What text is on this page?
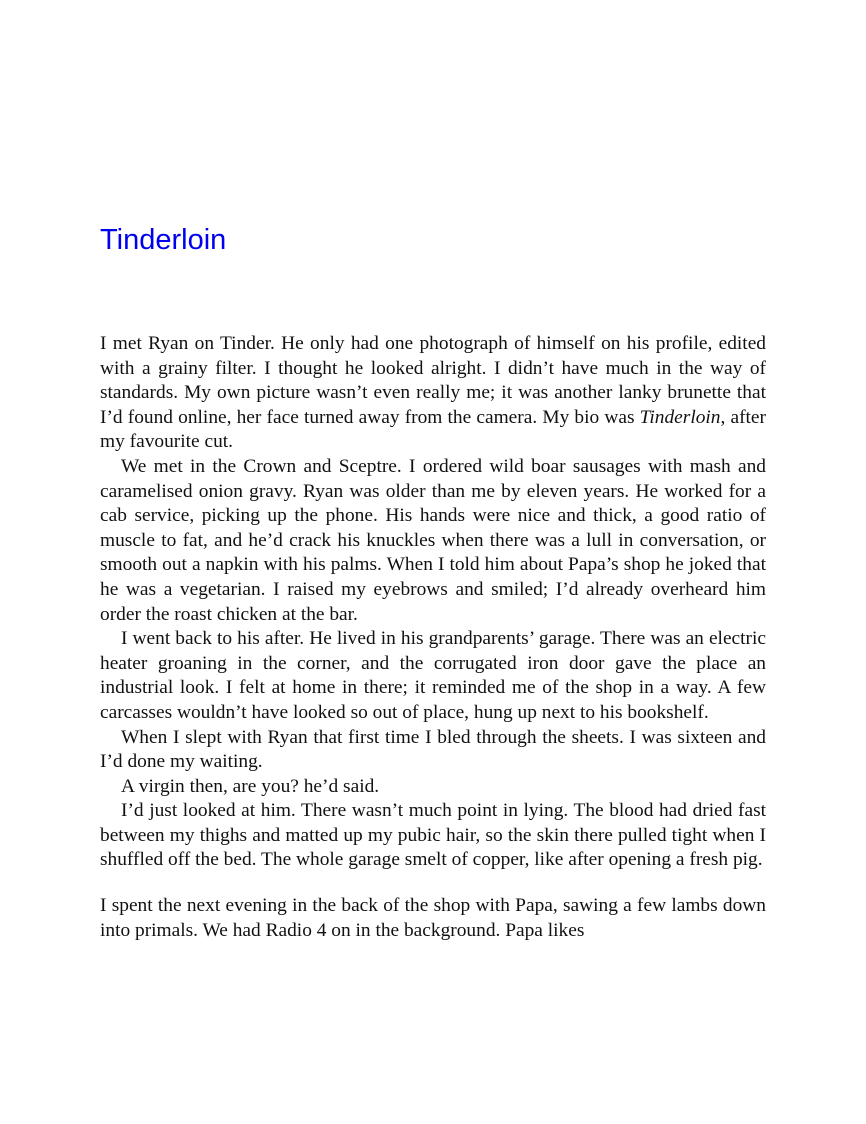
Tinderloin

I met Ryan on Tinder. He only had one photograph of himself on his profile, edited with a grainy filter. I thought he looked alright. I didn’t have much in the way of standards. My own picture wasn’t even really me; it was another lanky brunette that I’d found online, her face turned away from the camera. My bio was Tinderloin, after my favourite cut.

We met in the Crown and Sceptre. I ordered wild boar sausages with mash and caramelised onion gravy. Ryan was older than me by eleven years. He worked for a cab service, picking up the phone. His hands were nice and thick, a good ratio of muscle to fat, and he’d crack his knuckles when there was a lull in conversation, or smooth out a napkin with his palms. When I told him about Papa’s shop he joked that he was a vegetarian. I raised my eyebrows and smiled; I’d already overheard him order the roast chicken at the bar.

I went back to his after. He lived in his grandparents’ garage. There was an electric heater groaning in the corner, and the corrugated iron door gave the place an industrial look. I felt at home in there; it reminded me of the shop in a way. A few carcasses wouldn’t have looked so out of place, hung up next to his bookshelf.

When I slept with Ryan that first time I bled through the sheets. I was sixteen and I’d done my waiting.

A virgin then, are you? he’d said.

I’d just looked at him. There wasn’t much point in lying. The blood had dried fast between my thighs and matted up my pubic hair, so the skin there pulled tight when I shuffled off the bed. The whole garage smelt of copper, like after opening a fresh pig.

I spent the next evening in the back of the shop with Papa, sawing a few lambs down into primals. We had Radio 4 on in the background. Papa likes
